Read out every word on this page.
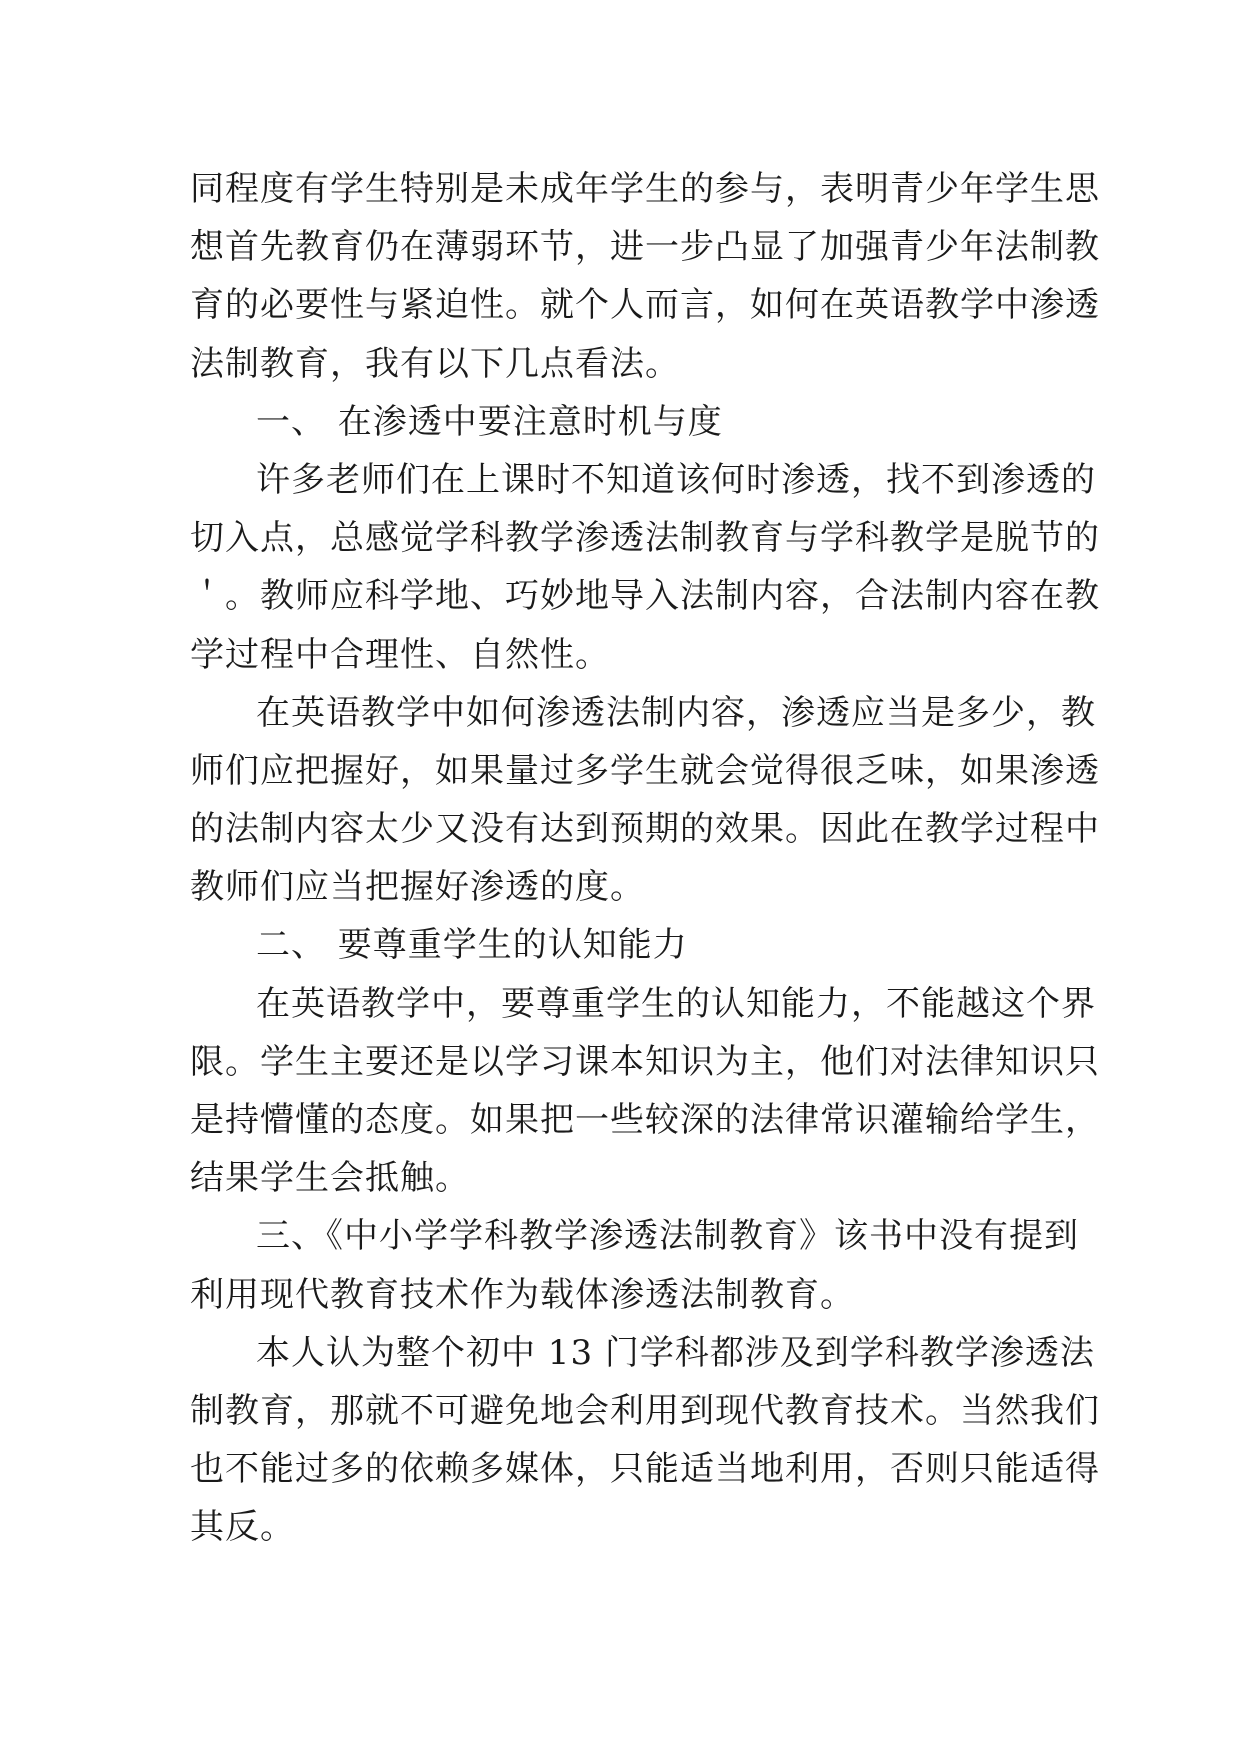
同程度有学生特别是未成年学生的参与，表明青少年学生思
想首先教育仍在薄弱环节，进一步凸显了加强青少年法制教
育的必要性与紧迫性。就个人而言，如何在英语教学中渗透
法制教育，我有以下几点看法。
一、 在渗透中要注意时机与度
许多老师们在上课时不知道该何时渗透，找不到渗透的
切入点，总感觉学科教学渗透法制教育与学科教学是脱节的
＇。教师应科学地、巧妙地导入法制内容，合法制内容在教
学过程中合理性、自然性。
在英语教学中如何渗透法制内容，渗透应当是多少，教
师们应把握好，如果量过多学生就会觉得很乏味，如果渗透
的法制内容太少又没有达到预期的效果。因此在教学过程中
教师们应当把握好渗透的度。
二、 要尊重学生的认知能力
在英语教学中，要尊重学生的认知能力，不能越这个界
限。学生主要还是以学习课本知识为主，他们对法律知识只
是持懵懂的态度。如果把一些较深的法律常识灌输给学生，
结果学生会抵触。
三、《中小学学科教学渗透法制教育》该书中没有提到
利用现代教育技术作为载体渗透法制教育。
本人认为整个初中 13 门学科都涉及到学科教学渗透法
制教育，那就不可避免地会利用到现代教育技术。当然我们
也不能过多的依赖多媒体，只能适当地利用，否则只能适得
其反。
